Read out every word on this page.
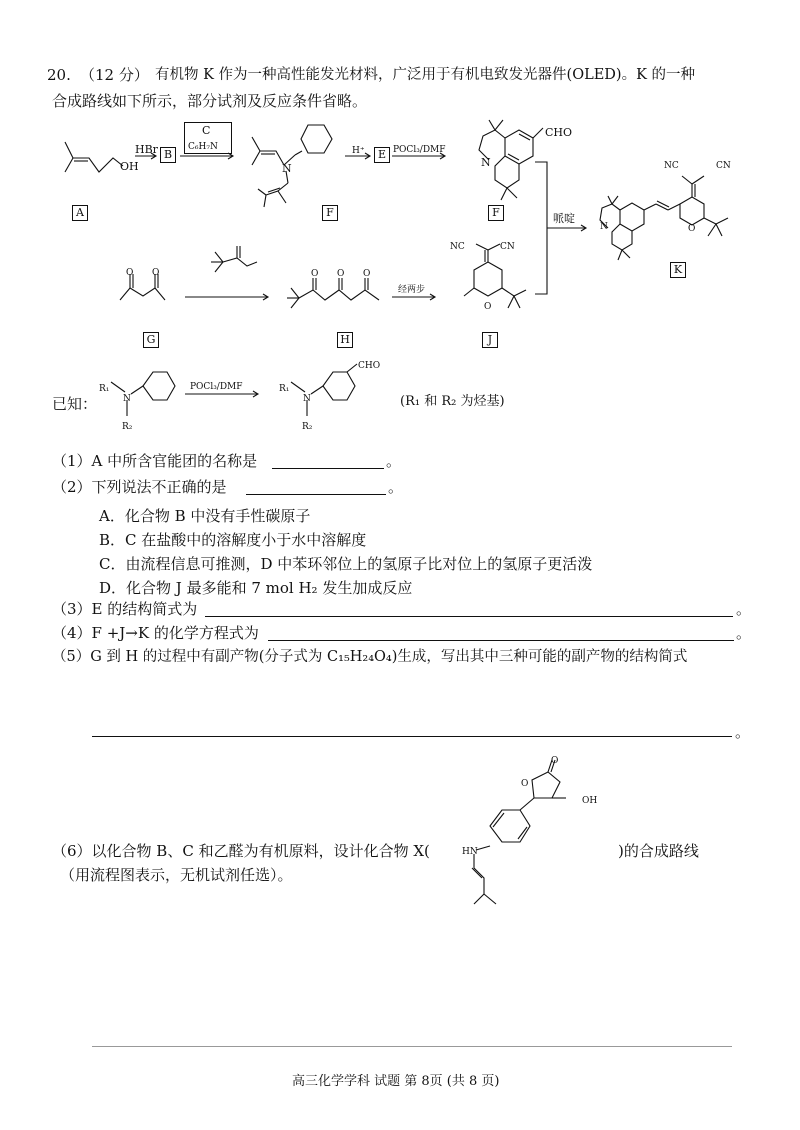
20. （12 分） 有机物 K 作为一种高性能发光材料，广泛用于有机电致发光器件(OLED)。K 的一种
合成路线如下所示，部分试剂及反应条件省略。
OH
A
HBr B
C
C₆H₇N
N
F
H⁺	E POCl₃/DMF
N
CHO
F
O O
G
O O O
H
经两步
NC	CN
O
J
哌啶
N
NC	CN
O
K
已知：
R₁
N
R₂
POCl₃/DMF	R₁
N
R₂
CHO
(R₁ 和 R₂ 为烃基)
（1）A 中所含官能团的名称是	。
（2）下列说法不正确的是	。
A．化合物 B 中没有手性碳原子
B．C 在盐酸中的溶解度小于水中溶解度
C．由流程信息可推测，D 中苯环邻位上的氢原子比对位上的氢原子更活泼
D．化合物 J 最多能和 7 mol H₂ 发生加成反应
（3）E 的结构简式为	。
（4）F +J→K 的化学方程式为	。
（5）G 到 H 的过程中有副产物(分子式为 C₁₅H₂₄O₄)生成，写出其中三种可能的副产物的结构简式
。
（6）以化合物 B、C 和乙醛为有机原料，设计化合物 X(	)的合成路线
（用流程图表示，无机试剂任选）。
HN
O
O
OH
高三化学学科 试题 第 8页 (共 8 页)
